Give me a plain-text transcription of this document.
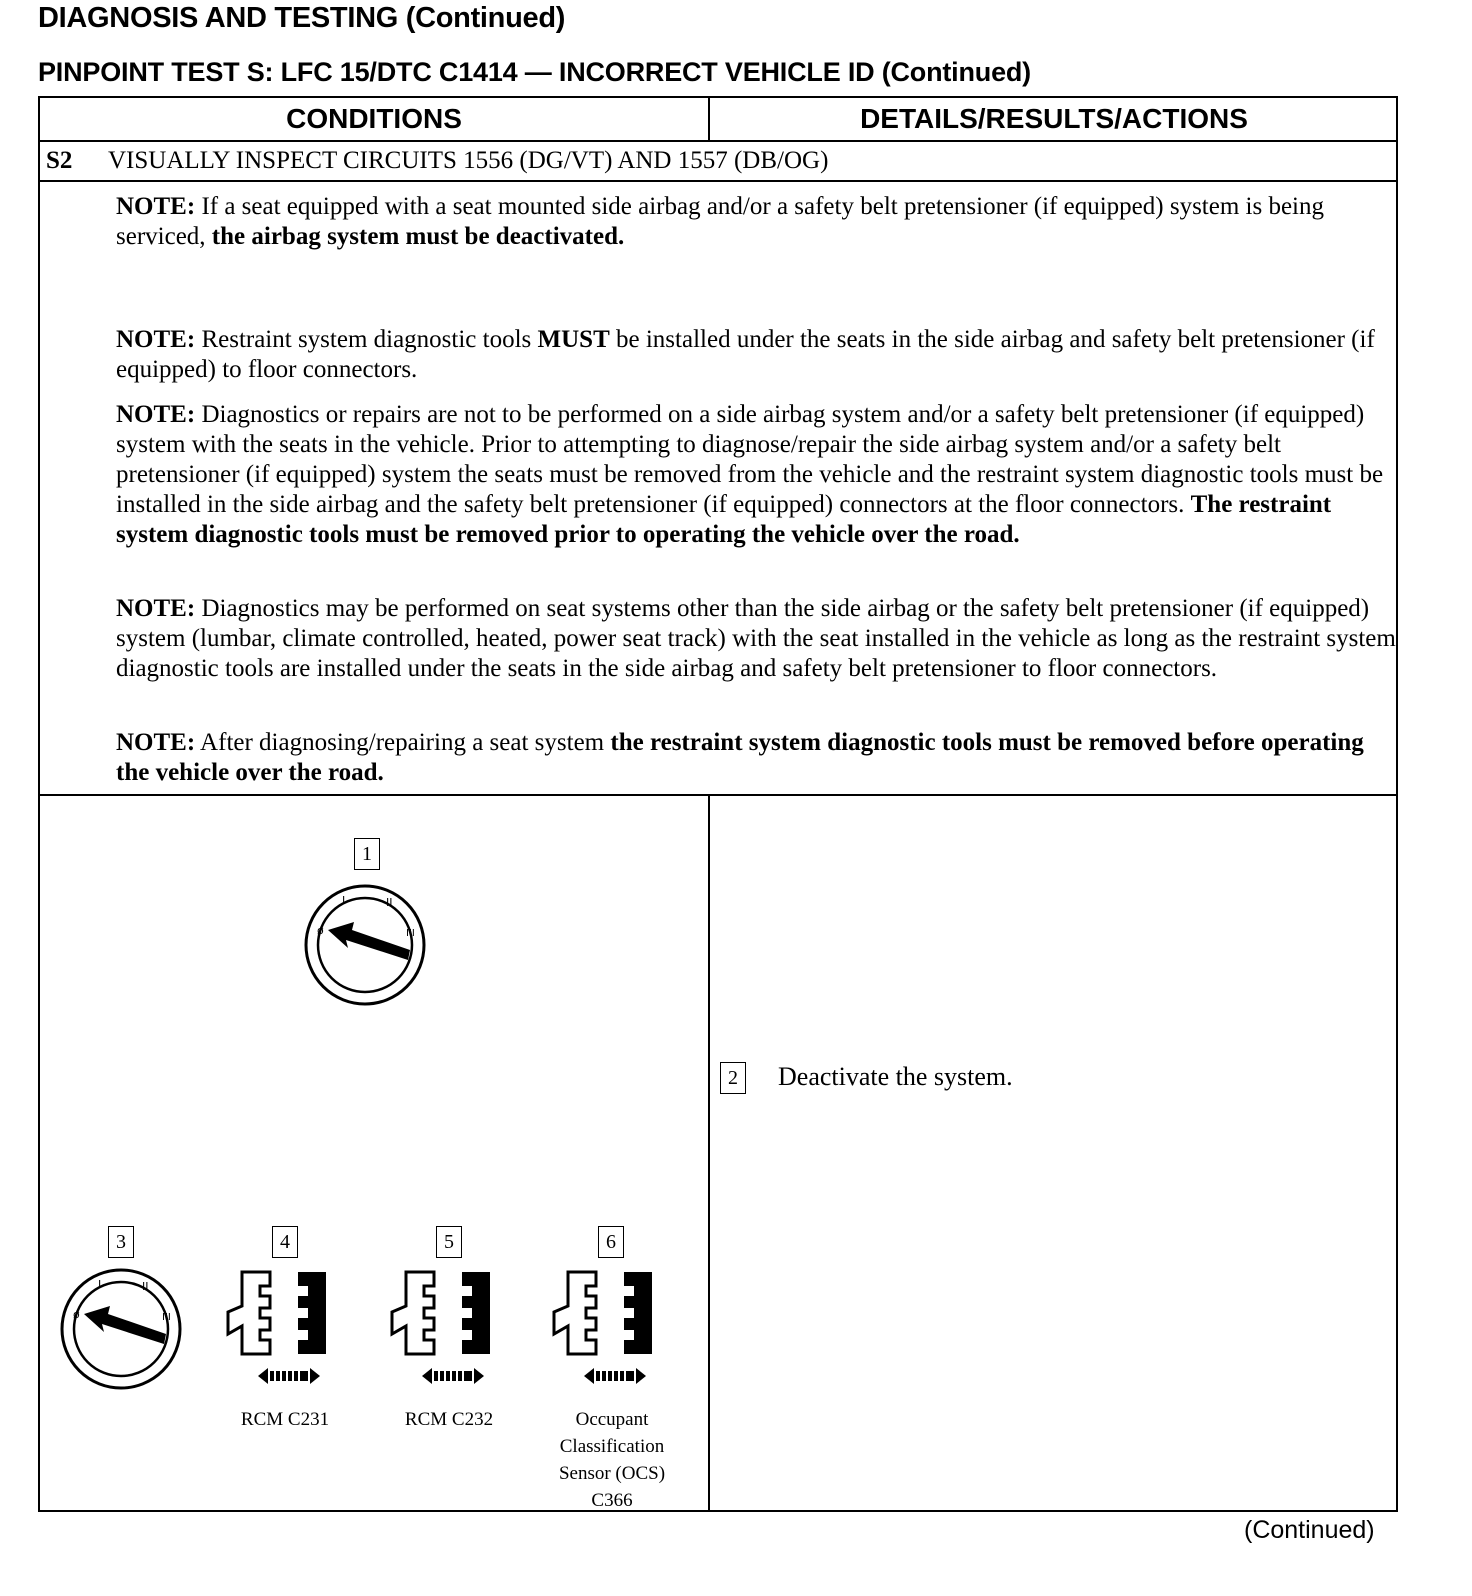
DIAGNOSIS AND TESTING (Continued)
PINPOINT TEST S: LFC 15/DTC C1414 — INCORRECT VEHICLE ID (Continued)
CONDITIONS	DETAILS/RESULTS/ACTIONS
S2 VISUALLY INSPECT CIRCUITS 1556 (DG/VT) AND 1557 (DB/OG)

NOTE: If a seat equipped with a seat mounted side airbag and/or a safety belt pretensioner (if equipped) system is being serviced, the airbag system must be deactivated.

NOTE: Restraint system diagnostic tools MUST be installed under the seats in the side airbag and safety belt pretensioner (if equipped) to floor connectors.

NOTE: Diagnostics or repairs are not to be performed on a side airbag system and/or a safety belt pretensioner (if equipped) system with the seats in the vehicle. Prior to attempting to diagnose/repair the side airbag system and/or a safety belt pretensioner (if equipped) system the seats must be removed from the vehicle and the restraint system diagnostic tools must be installed in the side airbag and the safety belt pretensioner (if equipped) connectors at the floor connectors. The restraint system diagnostic tools must be removed prior to operating the vehicle over the road.

NOTE: Diagnostics may be performed on seat systems other than the side airbag or the safety belt pretensioner (if equipped) system (lumbar, climate controlled, heated, power seat track) with the seat installed in the vehicle as long as the restraint system diagnostic tools are installed under the seats in the side airbag and safety belt pretensioner to floor connectors.

NOTE: After diagnosing/repairing a seat system the restraint system diagnostic tools must be removed before operating the vehicle over the road.

1
ø
I	II
III
2	Deactivate the system.
3	4	5	6
ø
I	II
III
RCM C231	RCM C232	Occupant Classification Sensor (OCS) C366
(Continued)
